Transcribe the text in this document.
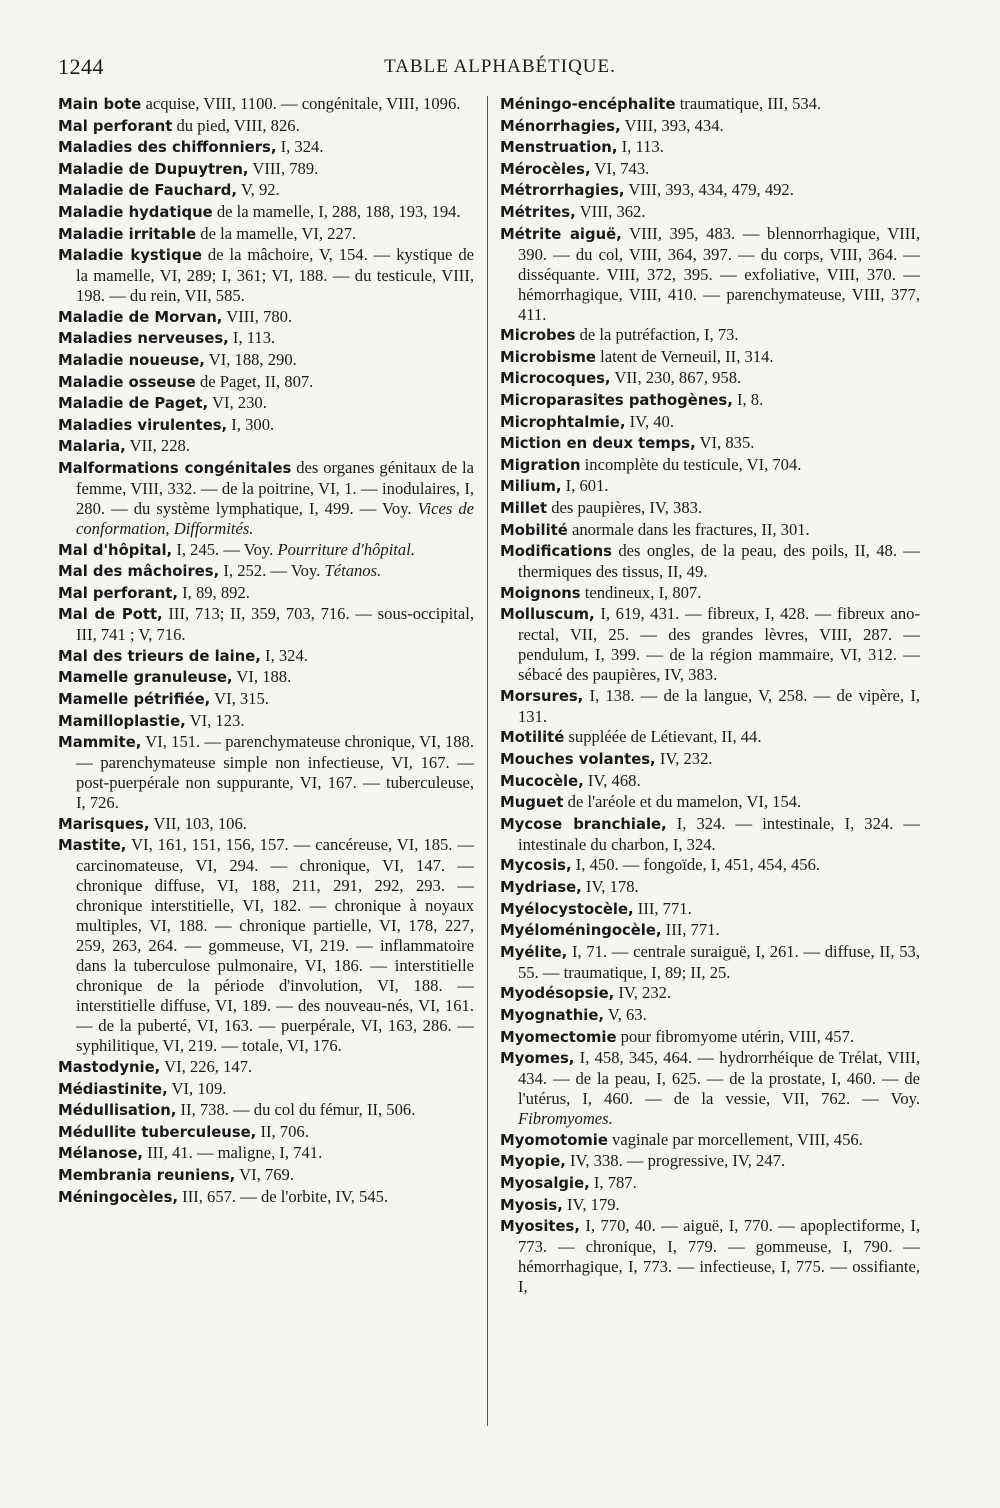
1244	TABLE ALPHABÉTIQUE.

Main bote acquise, VIII, 1100. — congénitale, VIII, 1096.

Mal perforant du pied, VIII, 826.

Maladies des chiffonniers, I, 324.

Maladie de Dupuytren, VIII, 789.

Maladie de Fauchard, V, 92.

Maladie hydatique de la mamelle, I, 288, 188, 193, 194.

Maladie irritable de la mamelle, VI, 227.

Maladie kystique de la mâchoire, V, 154. — kystique de la mamelle, VI, 289; I, 361; VI, 188. — du testicule, VIII, 198. — du rein, VII, 585.

Maladie de Morvan, VIII, 780.

Maladies nerveuses, I, 113.

Maladie noueuse, VI, 188, 290.

Maladie osseuse de Paget, II, 807.

Maladie de Paget, VI, 230.

Maladies virulentes, I, 300.

Malaria, VII, 228.

Malformations congénitales des organes génitaux de la femme, VIII, 332. — de la poitrine, VI, 1. — inodulaires, I, 280. — du système lymphatique, I, 499. — Voy. Vices de conformation, Difformités.

Mal d'hôpital, I, 245. — Voy. Pourriture d'hôpital.

Mal des mâchoires, I, 252. — Voy. Tétanos.

Mal perforant, I, 89, 892.

Mal de Pott, III, 713; II, 359, 703, 716. — sous-occipital, III, 741 ; V, 716.

Mal des trieurs de laine, I, 324.

Mamelle granuleuse, VI, 188.

Mamelle pétrifiée, VI, 315.

Mamilloplastie, VI, 123.

Mammite, VI, 151. — parenchymateuse chronique, VI, 188. — parenchymateuse simple non infectieuse, VI, 167. — post-puerpérale non suppurante, VI, 167. — tuberculeuse, I, 726.

Marisques, VII, 103, 106.

Mastite, VI, 161, 151, 156, 157. — cancéreuse, VI, 185. — carcinomateuse, VI, 294. — chronique, VI, 147. — chronique diffuse, VI, 188, 211, 291, 292, 293. — chronique interstitielle, VI, 182. — chronique à noyaux multiples, VI, 188. — chronique partielle, VI, 178, 227, 259, 263, 264. — gommeuse, VI, 219. — inflammatoire dans la tuberculose pulmonaire, VI, 186. — interstitielle chronique de la période d'involution, VI, 188. — interstitielle diffuse, VI, 189. — des nouveau-nés, VI, 161. — de la puberté, VI, 163. — puerpérale, VI, 163, 286. — syphilitique, VI, 219. — totale, VI, 176.

Mastodynie, VI, 226, 147.

Médiastinite, VI, 109.

Médullisation, II, 738. — du col du fémur, II, 506.

Médullite tuberculeuse, II, 706.

Mélanose, III, 41. — maligne, I, 741.

Membrania reuniens, VI, 769.

Méningocèles, III, 657. — de l'orbite, IV, 545.

Méningo-encéphalite traumatique, III, 534.

Ménorrhagies, VIII, 393, 434.

Menstruation, I, 113.

Mérocèles, VI, 743.

Métrorrhagies, VIII, 393, 434, 479, 492.

Métrites, VIII, 362.

Métrite aiguë, VIII, 395, 483. — blennorrhagique, VIII, 390. — du col, VIII, 364, 397. — du corps, VIII, 364. — disséquante. VIII, 372, 395. — exfoliative, VIII, 370. — hémorrhagique, VIII, 410. — parenchymateuse, VIII, 377, 411.

Microbes de la putréfaction, I, 73.

Microbisme latent de Verneuil, II, 314.

Microcoques, VII, 230, 867, 958.

Microparasites pathogènes, I, 8.

Microphtalmie, IV, 40.

Miction en deux temps, VI, 835.

Migration incomplète du testicule, VI, 704.

Milium, I, 601.

Millet des paupières, IV, 383.

Mobilité anormale dans les fractures, II, 301.

Modifications des ongles, de la peau, des poils, II, 48. — thermiques des tissus, II, 49.

Moignons tendineux, I, 807.

Molluscum, I, 619, 431. — fibreux, I, 428. — fibreux ano-rectal, VII, 25. — des grandes lèvres, VIII, 287. — pendulum, I, 399. — de la région mammaire, VI, 312. — sébacé des paupières, IV, 383.

Morsures, I, 138. — de la langue, V, 258. — de vipère, I, 131.

Motilité suppléée de Létievant, II, 44.

Mouches volantes, IV, 232.

Mucocèle, IV, 468.

Muguet de l'aréole et du mamelon, VI, 154.

Mycose branchiale, I, 324. — intestinale, I, 324. — intestinale du charbon, I, 324.

Mycosis, I, 450. — fongoïde, I, 451, 454, 456.

Mydriase, IV, 178.

Myélocystocèle, III, 771.

Myéloméningocèle, III, 771.

Myélite, I, 71. — centrale suraiguë, I, 261. — diffuse, II, 53, 55. — traumatique, I, 89; II, 25.

Myodésopsie, IV, 232.

Myognathie, V, 63.

Myomectomie pour fibromyome utérin, VIII, 457.

Myomes, I, 458, 345, 464. — hydrorrhéique de Trélat, VIII, 434. — de la peau, I, 625. — de la prostate, I, 460. — de l'utérus, I, 460. — de la vessie, VII, 762. — Voy. Fibromyomes.

Myomotomie vaginale par morcellement, VIII, 456.

Myopie, IV, 338. — progressive, IV, 247.

Myosalgie, I, 787.

Myosis, IV, 179.

Myosites, I, 770, 40. — aiguë, I, 770. — apoplectiforme, I, 773. — chronique, I, 779. — gommeuse, I, 790. — hémorrhagique, I, 773. — infectieuse, I, 775. — ossifiante, I,
